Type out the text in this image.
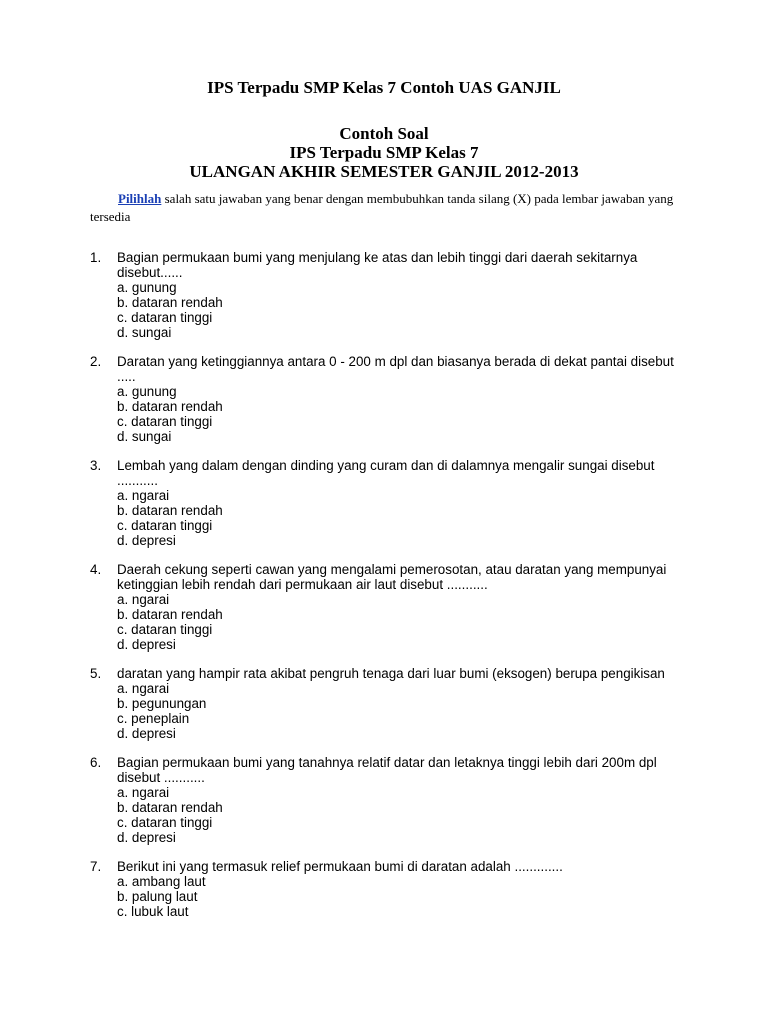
IPS Terpadu SMP Kelas 7 Contoh UAS GANJIL
Contoh Soal
IPS Terpadu SMP Kelas 7
ULANGAN AKHIR SEMESTER GANJIL 2012-2013

Pilihlah salah satu jawaban yang benar dengan membubuhkan tanda silang (X) pada lembar jawaban yang tersedia

1. Bagian permukaan bumi yang menjulang ke atas dan lebih tinggi dari daerah sekitarnya disebut......
a. gunung
b. dataran rendah
c. dataran tinggi
d. sungai
2. Daratan yang ketinggiannya antara 0 - 200 m dpl dan biasanya berada di dekat pantai disebut .....
a. gunung
b. dataran rendah
c. dataran tinggi
d. sungai
3. Lembah yang dalam dengan dinding yang curam dan di dalamnya mengalir sungai disebut ...........
a. ngarai
b. dataran rendah
c. dataran tinggi
d. depresi
4. Daerah cekung seperti cawan yang mengalami pemerosotan, atau daratan yang mempunyai ketinggian lebih rendah dari permukaan air laut disebut ...........
a. ngarai
b. dataran rendah
c. dataran tinggi
d. depresi
5. daratan yang hampir rata akibat pengruh tenaga dari luar bumi (eksogen) berupa pengikisan
a. ngarai
b. pegunungan
c. peneplain
d. depresi
6. Bagian permukaan bumi yang tanahnya relatif datar dan letaknya tinggi lebih dari 200m dpl disebut ...........
a. ngarai
b. dataran rendah
c. dataran tinggi
d. depresi
7. Berikut ini yang termasuk relief permukaan bumi di daratan adalah .............
a. ambang laut
b. palung laut
c. lubuk laut
